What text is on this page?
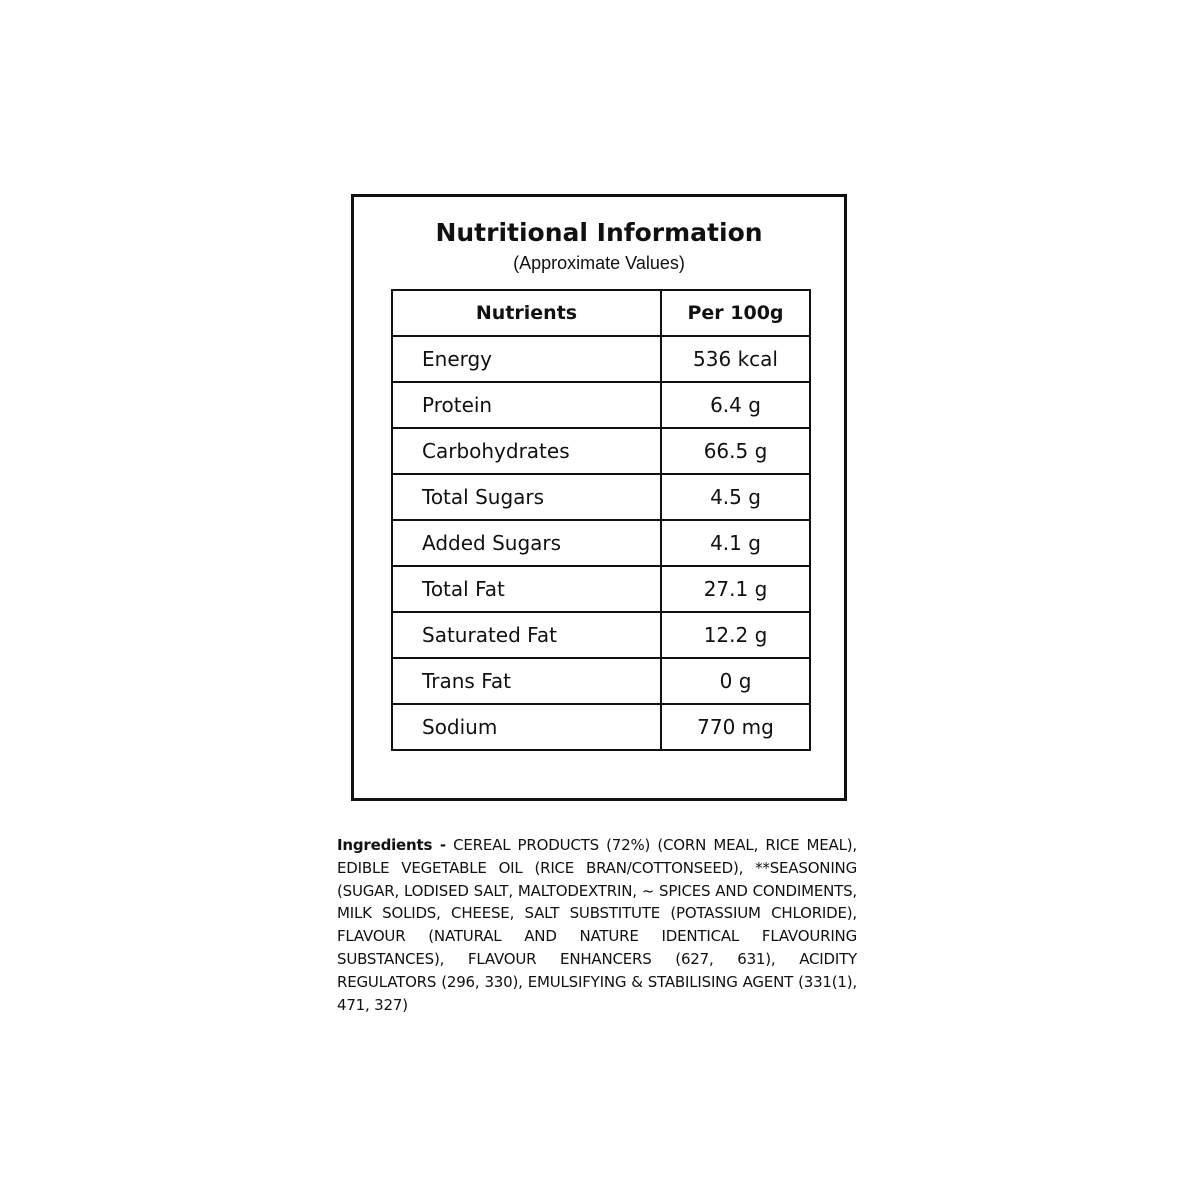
Nutritional Information
(Approximate Values)
Nutrients	Per 100g
Energy	536 kcal
Protein	6.4 g
Carbohydrates	66.5 g
Total Sugars	4.5 g
Added Sugars	4.1 g
Total Fat	27.1 g
Saturated Fat	12.2 g
Trans Fat	0 g
Sodium	770 mg
Ingredients - CEREAL PRODUCTS (72%) (CORN MEAL, RICE MEAL), EDIBLE VEGETABLE OIL (RICE BRAN/COTTONSEED), **SEASONING (SUGAR, LODISED SALT, MALTODEXTRIN, ~ SPICES AND CONDIMENTS, MILK SOLIDS, CHEESE, SALT SUBSTITUTE (POTASSIUM CHLORIDE), FLAVOUR (NATURAL AND NATURE IDENTICAL FLAVOURING SUBSTANCES), FLAVOUR ENHANCERS (627, 631), ACIDITY REGULATORS (296, 330), EMULSIFYING & STABILISING AGENT (331(1), 471, 327)
